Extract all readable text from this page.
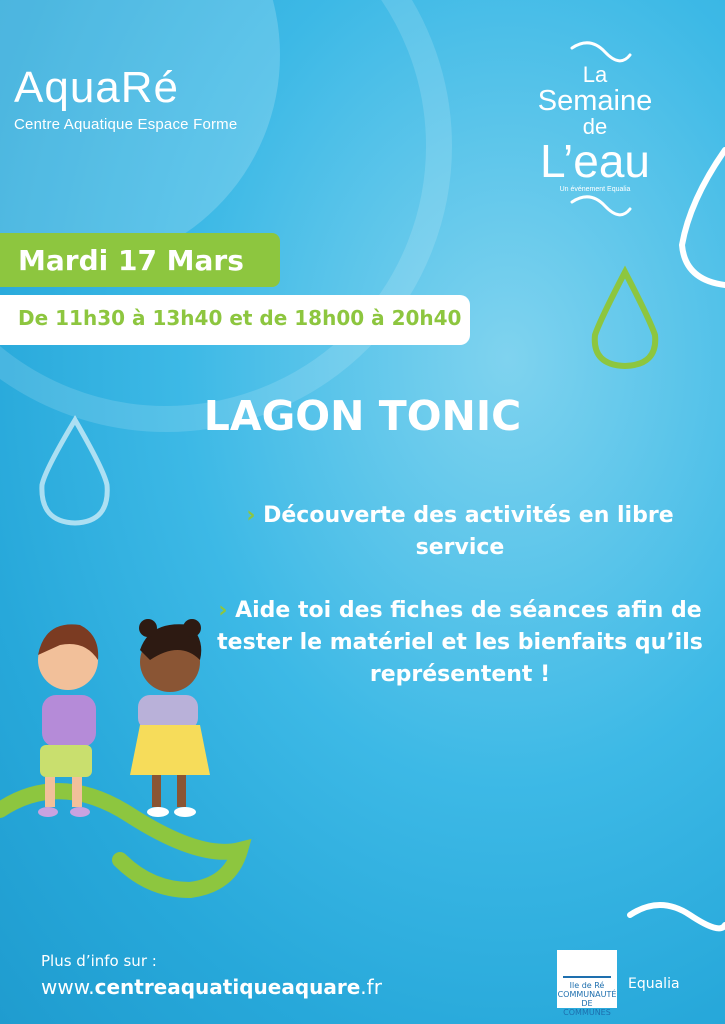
AquaRé
Centre Aquatique Espace Forme
La
Semaine
de
L’eau
Un événement Equalia
Mardi 17 Mars
De 11h30 à 13h40 et de 18h00 à 20h40
LAGON TONIC
› Découverte des activités en libre service
› Aide toi des fiches de séances afin de tester le matériel et les bienfaits qu’ils représentent !
Plus d’info sur :
www.centreaquatiqueaquare.fr	Ile de Ré COMMUNAUTÉ DE COMMUNES
Equalia
